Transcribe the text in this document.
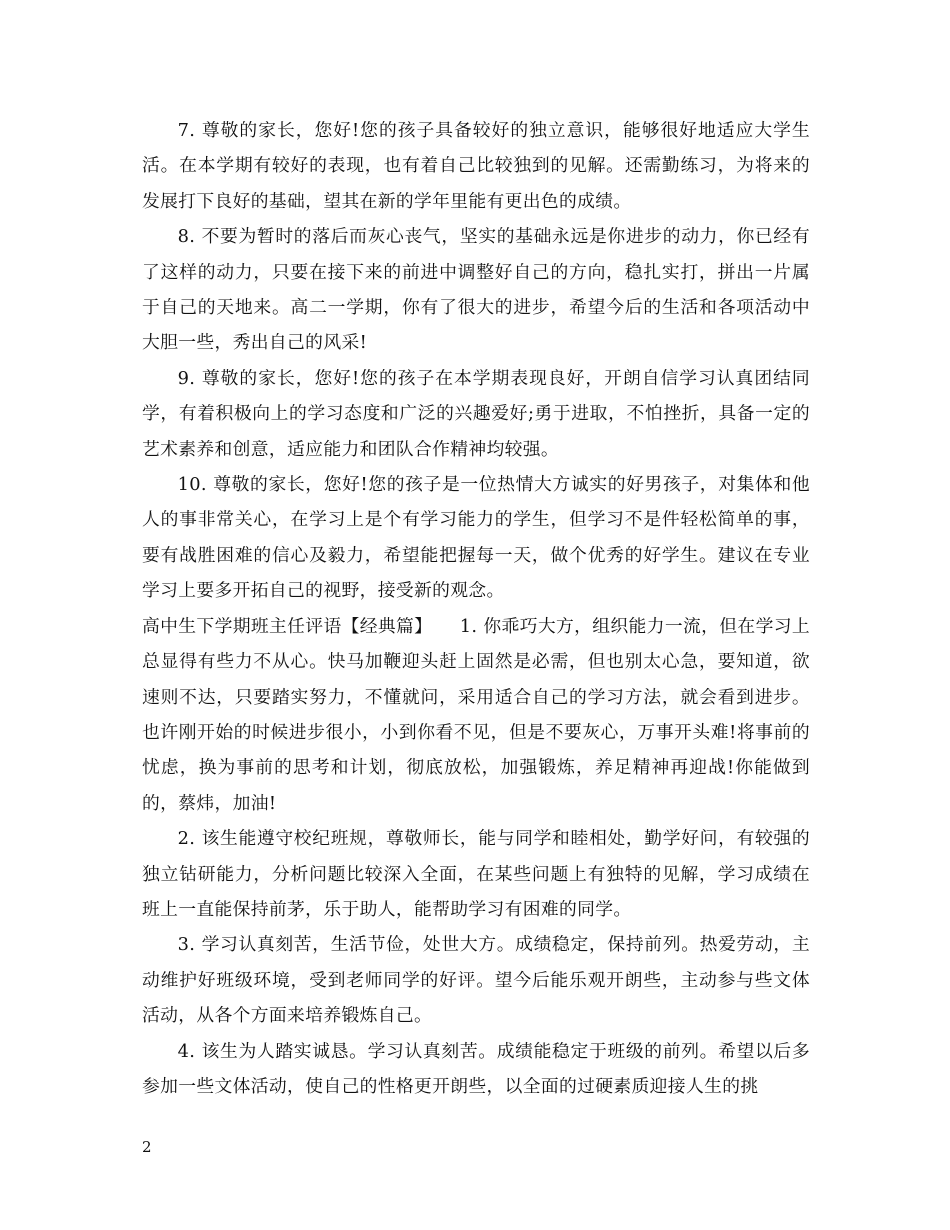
7. 尊敬的家长，您好!您的孩子具备较好的独立意识，能够很好地适应大学生活。在本学期有较好的表现，也有着自己比较独到的见解。还需勤练习，为将来的发展打下良好的基础，望其在新的学年里能有更出色的成绩。

8. 不要为暂时的落后而灰心丧气，坚实的基础永远是你进步的动力，你已经有了这样的动力，只要在接下来的前进中调整好自己的方向，稳扎实打，拼出一片属于自己的天地来。高二一学期，你有了很大的进步，希望今后的生活和各项活动中大胆一些，秀出自己的风采!

9. 尊敬的家长，您好!您的孩子在本学期表现良好，开朗自信学习认真团结同学，有着积极向上的学习态度和广泛的兴趣爱好;勇于进取，不怕挫折，具备一定的艺术素养和创意，适应能力和团队合作精神均较强。

10. 尊敬的家长，您好!您的孩子是一位热情大方诚实的好男孩子，对集体和他人的事非常关心，在学习上是个有学习能力的学生，但学习不是件轻松简单的事，要有战胜困难的信心及毅力，希望能把握每一天，做个优秀的好学生。建议在专业学习上要多开拓自己的视野，接受新的观念。

高中生下学期班主任评语【经典篇】　　1. 你乖巧大方，组织能力一流，但在学习上总显得有些力不从心。快马加鞭迎头赶上固然是必需，但也别太心急，要知道，欲速则不达，只要踏实努力，不懂就问，采用适合自己的学习方法，就会看到进步。也许刚开始的时候进步很小，小到你看不见，但是不要灰心，万事开头难!将事前的忧虑，换为事前的思考和计划，彻底放松，加强锻炼，养足精神再迎战!你能做到的，蔡炜，加油!

2. 该生能遵守校纪班规，尊敬师长，能与同学和睦相处，勤学好问，有较强的独立钻研能力，分析问题比较深入全面，在某些问题上有独特的见解，学习成绩在班上一直能保持前茅，乐于助人，能帮助学习有困难的同学。

3. 学习认真刻苦，生活节俭，处世大方。成绩稳定，保持前列。热爱劳动，主动维护好班级环境，受到老师同学的好评。望今后能乐观开朗些，主动参与些文体活动，从各个方面来培养锻炼自己。

4. 该生为人踏实诚恳。学习认真刻苦。成绩能稳定于班级的前列。希望以后多参加一些文体活动，使自己的性格更开朗些，以全面的过硬素质迎接人生的挑

2
